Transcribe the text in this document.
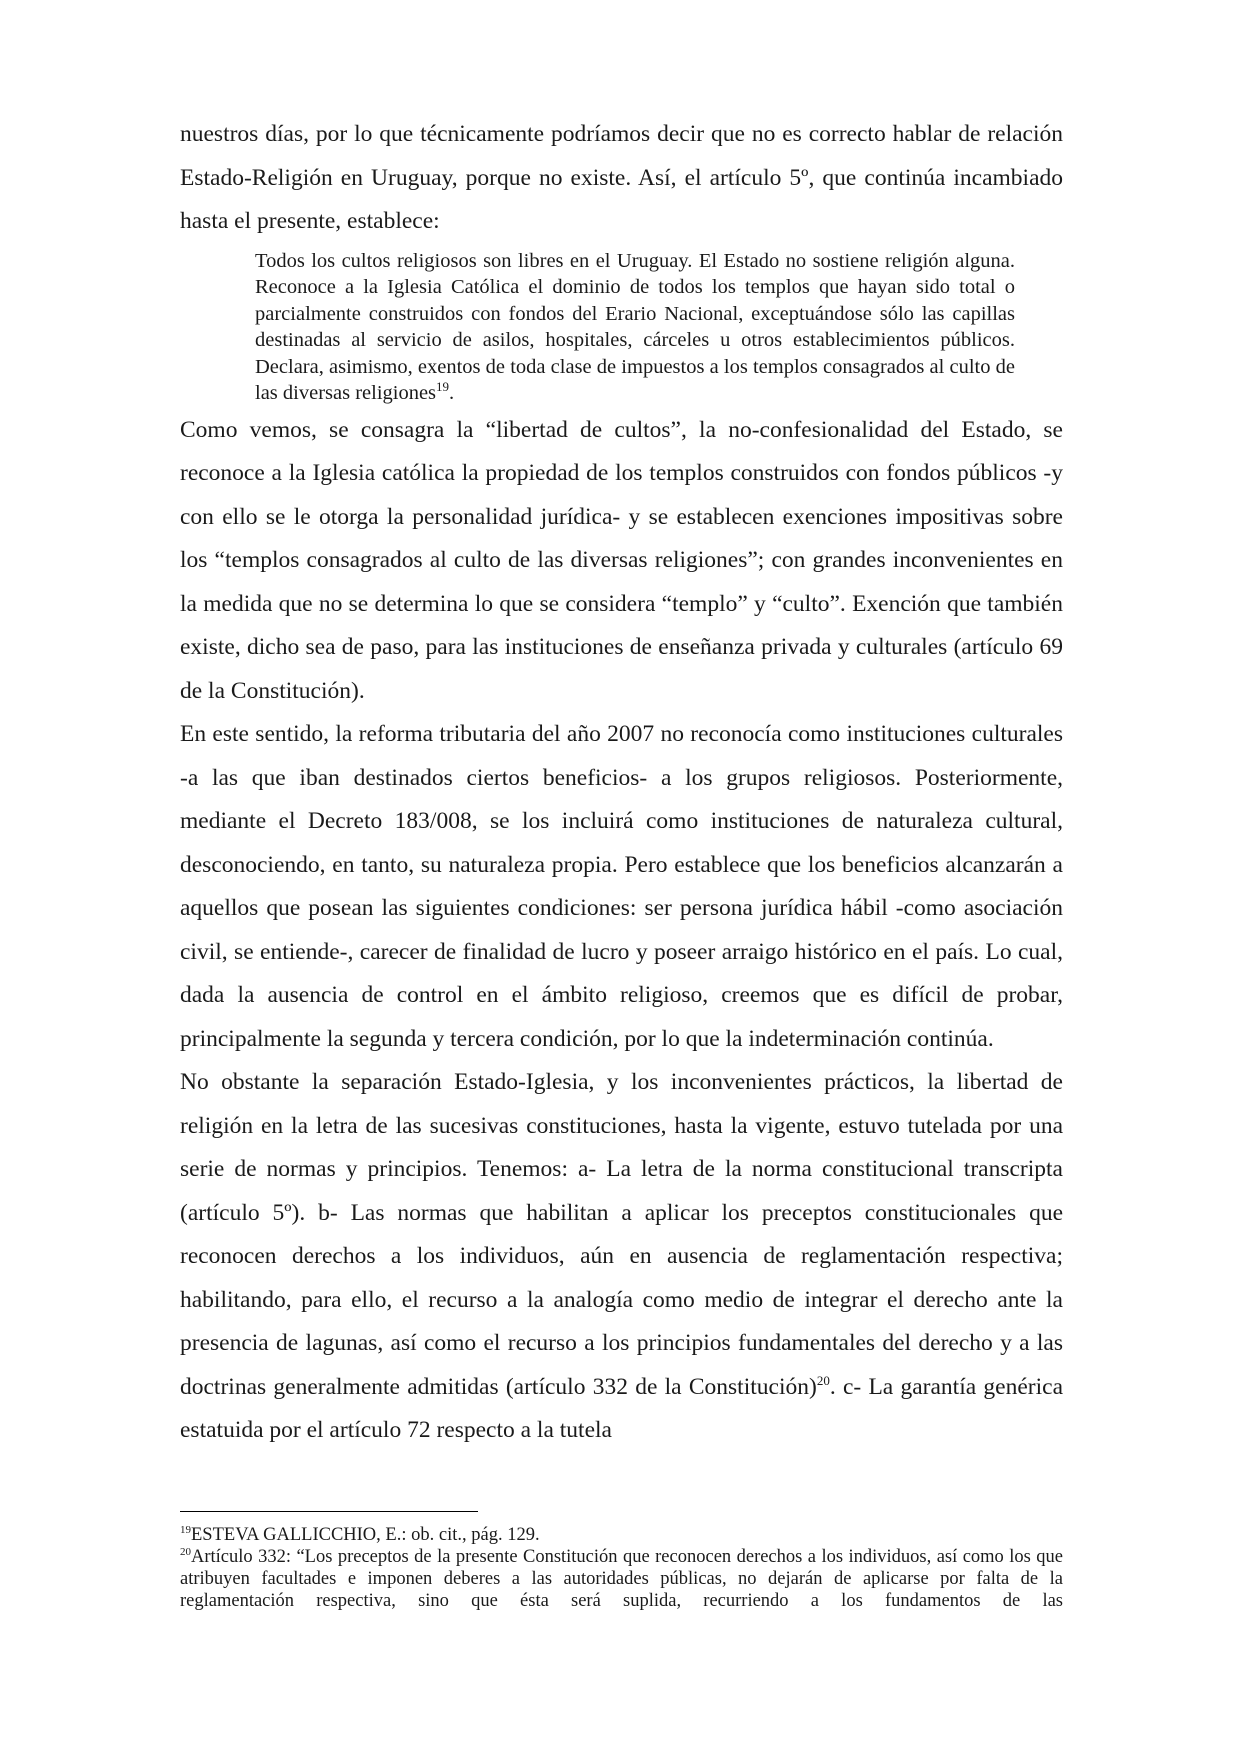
nuestros días, por lo que técnicamente podríamos decir que no es correcto hablar de relación Estado-Religión en Uruguay, porque no existe. Así, el artículo 5º, que continúa incambiado hasta el presente, establece:

Todos los cultos religiosos son libres en el Uruguay. El Estado no sostiene religión alguna. Reconoce a la Iglesia Católica el dominio de todos los templos que hayan sido total o parcialmente construidos con fondos del Erario Nacional, exceptuándose sólo las capillas destinadas al servicio de asilos, hospitales, cárceles u otros establecimientos públicos. Declara, asimismo, exentos de toda clase de impuestos a los templos consagrados al culto de las diversas religiones$^{19}$.

Como vemos, se consagra la “libertad de cultos”, la no-confesionalidad del Estado, se reconoce a la Iglesia católica la propiedad de los templos construidos con fondos públicos -y con ello se le otorga la personalidad jurídica- y se establecen exenciones impositivas sobre los “templos consagrados al culto de las diversas religiones”; con grandes inconvenientes en la medida que no se determina lo que se considera “templo” y “culto”. Exención que también existe, dicho sea de paso, para las instituciones de enseñanza privada y culturales (artículo 69 de la Constitución).

En este sentido, la reforma tributaria del año 2007 no reconocía como instituciones culturales -a las que iban destinados ciertos beneficios- a los grupos religiosos. Posteriormente, mediante el Decreto 183/008, se los incluirá como instituciones de naturaleza cultural, desconociendo, en tanto, su naturaleza propia. Pero establece que los beneficios alcanzarán a aquellos que posean las siguientes condiciones: ser persona jurídica hábil -como asociación civil, se entiende-, carecer de finalidad de lucro y poseer arraigo histórico en el país. Lo cual, dada la ausencia de control en el ámbito religioso, creemos que es difícil de probar, principalmente la segunda y tercera condición, por lo que la indeterminación continúa.

No obstante la separación Estado-Iglesia, y los inconvenientes prácticos, la libertad de religión en la letra de las sucesivas constituciones, hasta la vigente, estuvo tutelada por una serie de normas y principios. Tenemos: a- La letra de la norma constitucional transcripta (artículo 5º). b- Las normas que habilitan a aplicar los preceptos constitucionales que reconocen derechos a los individuos, aún en ausencia de reglamentación respectiva; habilitando, para ello, el recurso a la analogía como medio de integrar el derecho ante la presencia de lagunas, así como el recurso a los principios fundamentales del derecho y a las doctrinas generalmente admitidas (artículo 332 de la Constitución)$^{20}$. c- La garantía genérica estatuida por el artículo 72 respecto a la tutela

$^{19}$ESTEVA GALLICCHIO, E.: ob. cit., pág. 129.

$^{20}$Artículo 332: “Los preceptos de la presente Constitución que reconocen derechos a los individuos, así como los que atribuyen facultades e imponen deberes a las autoridades públicas, no dejarán de aplicarse por falta de la reglamentación respectiva, sino que ésta será suplida, recurriendo a los fundamentos de las
